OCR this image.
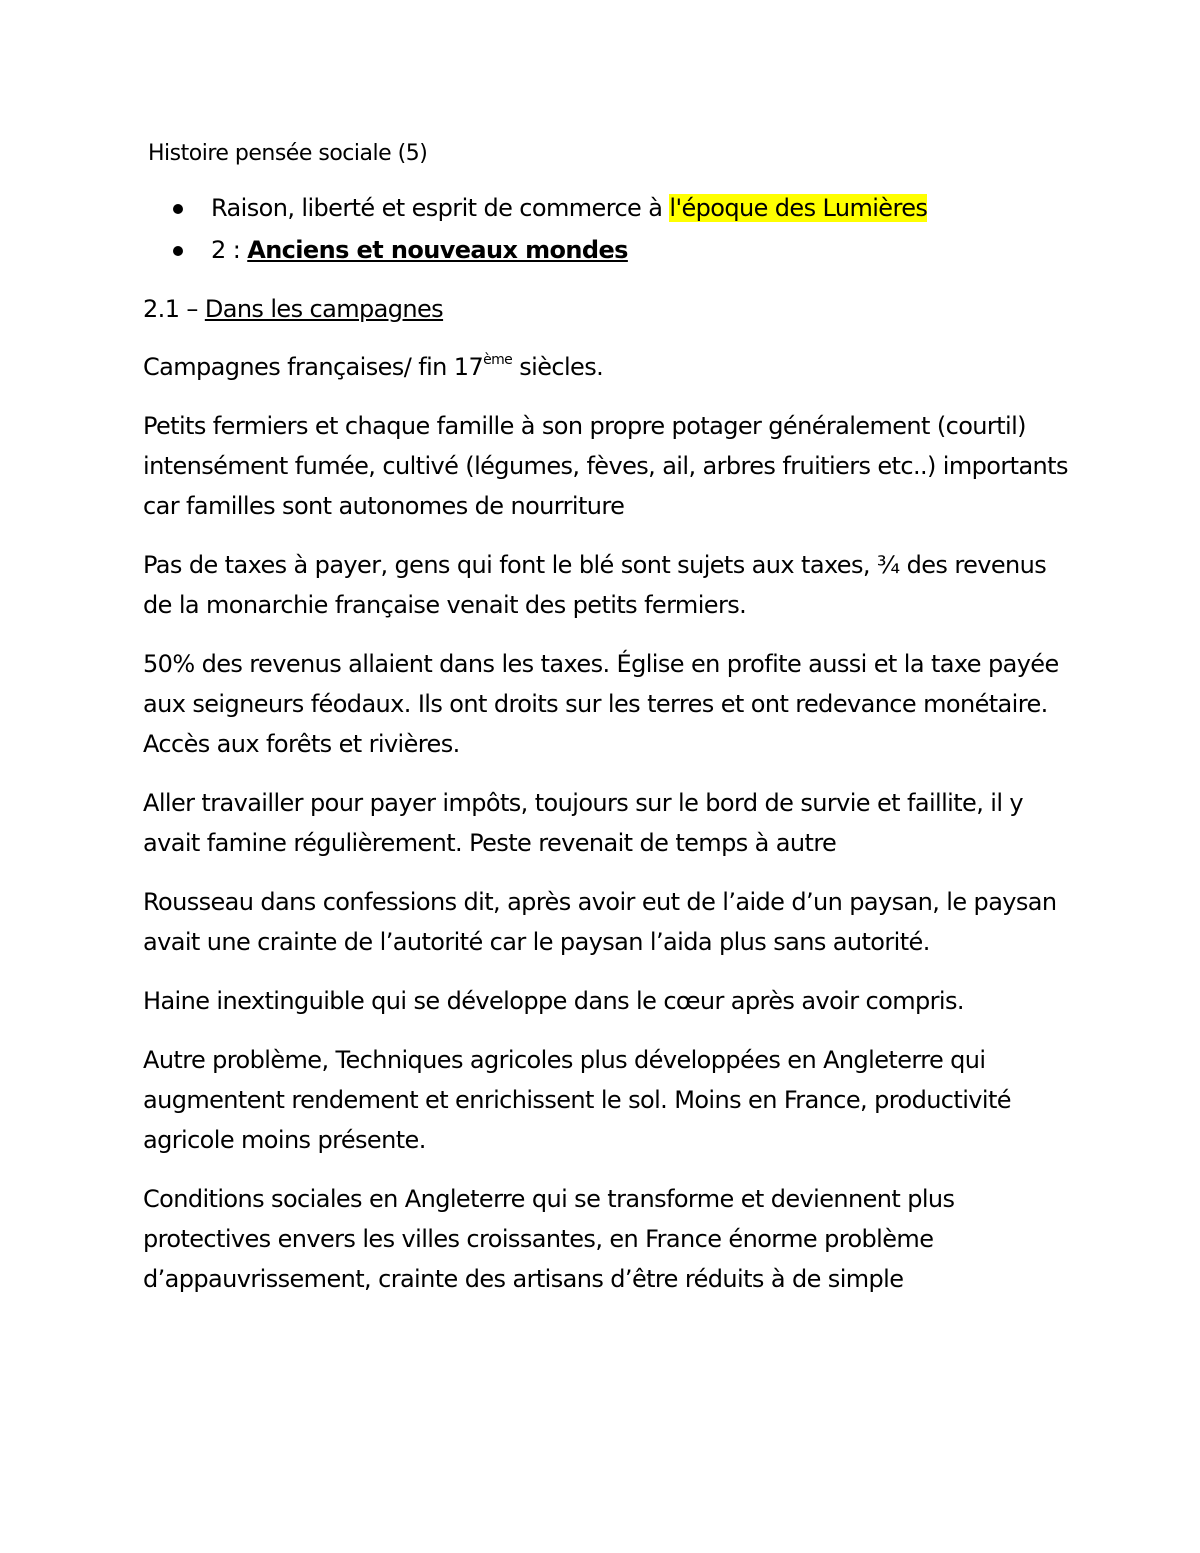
Histoire pensée sociale (5)
Raison, liberté et esprit de commerce à l'époque des Lumières
2 : Anciens et nouveaux mondes
2.1 – Dans les campagnes
Campagnes françaises/ fin 17ème siècles.
Petits fermiers et chaque famille à son propre potager généralement (courtil) intensément fumée, cultivé (légumes, fèves, ail, arbres fruitiers etc..) importants car familles sont autonomes de nourriture
Pas de taxes à payer, gens qui font le blé sont sujets aux taxes, ¾ des revenus de la monarchie française venait des petits fermiers.
50% des revenus allaient dans les taxes. Église en profite aussi et la taxe payée aux seigneurs féodaux. Ils ont droits sur les terres et ont redevance monétaire. Accès aux forêts et rivières.
Aller travailler pour payer impôts, toujours sur le bord de survie et faillite, il y avait famine régulièrement. Peste revenait de temps à autre
Rousseau dans confessions dit, après avoir eut de l’aide d’un paysan, le paysan avait une crainte de l’autorité car le paysan l’aida plus sans autorité.
Haine inextinguible qui se développe dans le cœur après avoir compris.
Autre problème, Techniques agricoles plus développées en Angleterre qui augmentent rendement et enrichissent le sol. Moins en France, productivité agricole moins présente.
Conditions sociales en Angleterre qui se transforme et deviennent plus protectives envers les villes croissantes, en France énorme problème d’appauvrissement, crainte des artisans d’être réduits à de simple
